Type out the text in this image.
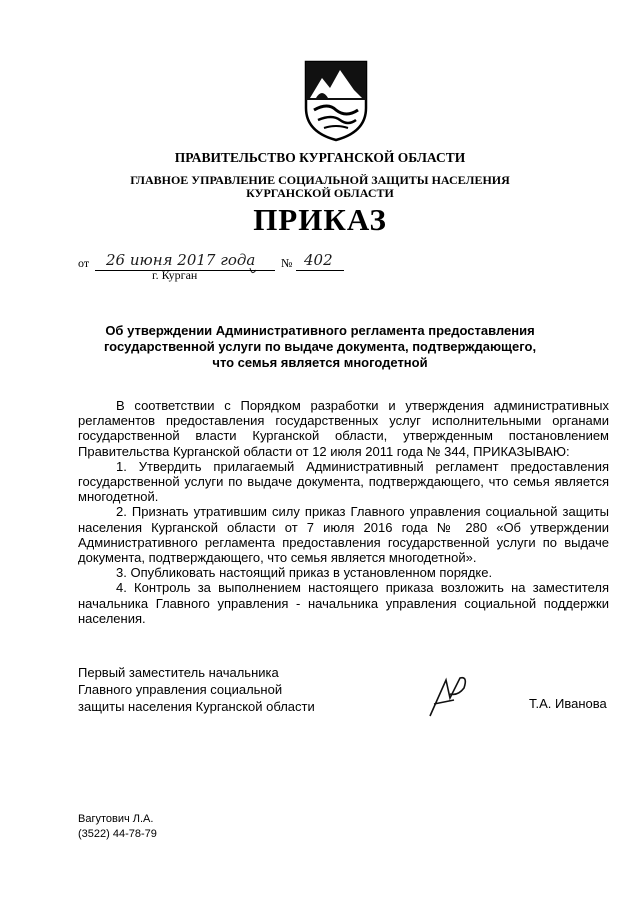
ПРАВИТЕЛЬСТВО КУРГАНСКОЙ ОБЛАСТИ
ГЛАВНОЕ УПРАВЛЕНИЕ СОЦИАЛЬНОЙ ЗАЩИТЫ НАСЕЛЕНИЯ
КУРГАНСКОЙ ОБЛАСТИ
ПРИКАЗ
от 26 июня 2017 года № 402
г. Курган
Об утверждении Административного регламента предоставления
государственной услуги по выдаче документа, подтверждающего,
что семья является многодетной

В соответствии с Порядком разработки и утверждения административных регламентов предоставления государственных услуг исполнительными органами государственной власти Курганской области, утвержденным постановлением Правительства Курганской области от 12 июля 2011 года № 344, ПРИКАЗЫВАЮ:

1. Утвердить прилагаемый Административный регламент предоставления государственной услуги по выдаче документа, подтверждающего, что семья является многодетной.

2. Признать утратившим силу приказ Главного управления социальной защиты населения Курганской области от 7 июля 2016 года № 280 «Об утверждении Административного регламента предоставления государственной услуги по выдаче документа, подтверждающего, что семья является многодетной».

3. Опубликовать настоящий приказ в установленном порядке.

4. Контроль за выполнением настоящего приказа возложить на заместителя начальника Главного управления - начальника управления социальной поддержки населения.

Первый заместитель начальника
Главного управления социальной
защиты населения Курганской области	Т.А. Иванова
Вагутович Л.А.
(3522) 44-78-79
